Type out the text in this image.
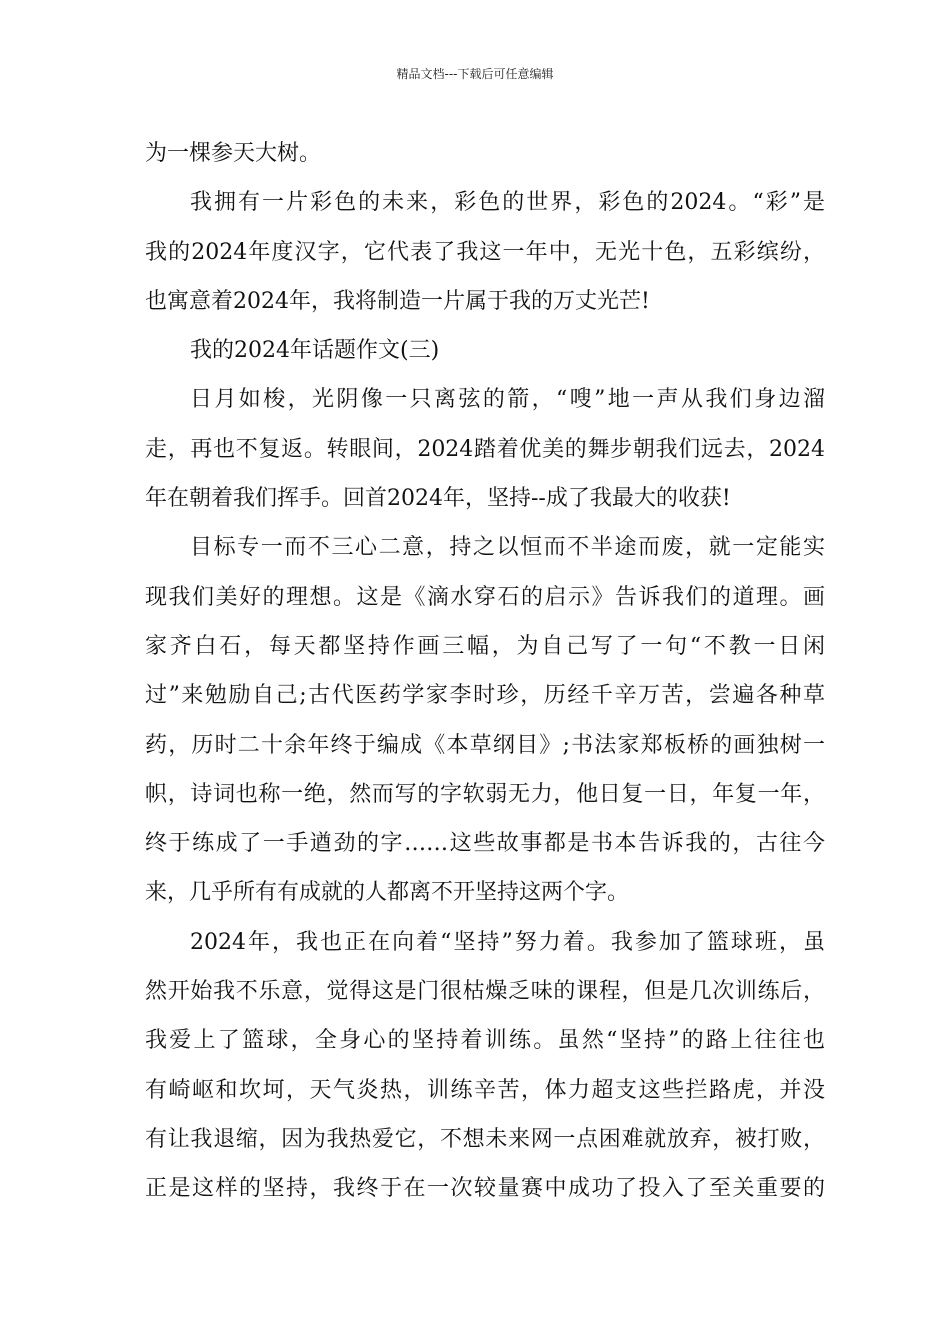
精品文档---下载后可任意编辑
为一棵参天大树。
我拥有一片彩色的未来，彩色的世界，彩色的2024。“彩”是
我的2024年度汉字，它代表了我这一年中，无光十色，五彩缤纷，
也寓意着2024年，我将制造一片属于我的万丈光芒!
我的2024年话题作文(三)
日月如梭，光阴像一只离弦的箭，“嗖”地一声从我们身边溜
走，再也不复返。转眼间，2024踏着优美的舞步朝我们远去，2024
年在朝着我们挥手。回首2024年，坚持--成了我最大的收获!
目标专一而不三心二意，持之以恒而不半途而废，就一定能实
现我们美好的理想。这是《滴水穿石的启示》告诉我们的道理。画
家齐白石，每天都坚持作画三幅，为自己写了一句“不教一日闲
过”来勉励自己;古代医药学家李时珍，历经千辛万苦，尝遍各种草
药，历时二十余年终于编成《本草纲目》;书法家郑板桥的画独树一
帜，诗词也称一绝，然而写的字软弱无力，他日复一日，年复一年，
终于练成了一手遒劲的字……这些故事都是书本告诉我的，古往今
来，几乎所有有成就的人都离不开坚持这两个字。
2024年，我也正在向着“坚持”努力着。我参加了篮球班，虽
然开始我不乐意，觉得这是门很枯燥乏味的课程，但是几次训练后，
我爱上了篮球，全身心的坚持着训练。虽然“坚持”的路上往往也
有崎岖和坎坷，天气炎热，训练辛苦，体力超支这些拦路虎，并没
有让我退缩，因为我热爱它，不想未来网一点困难就放弃，被打败，
正是这样的坚持，我终于在一次较量赛中成功了投入了至关重要的
